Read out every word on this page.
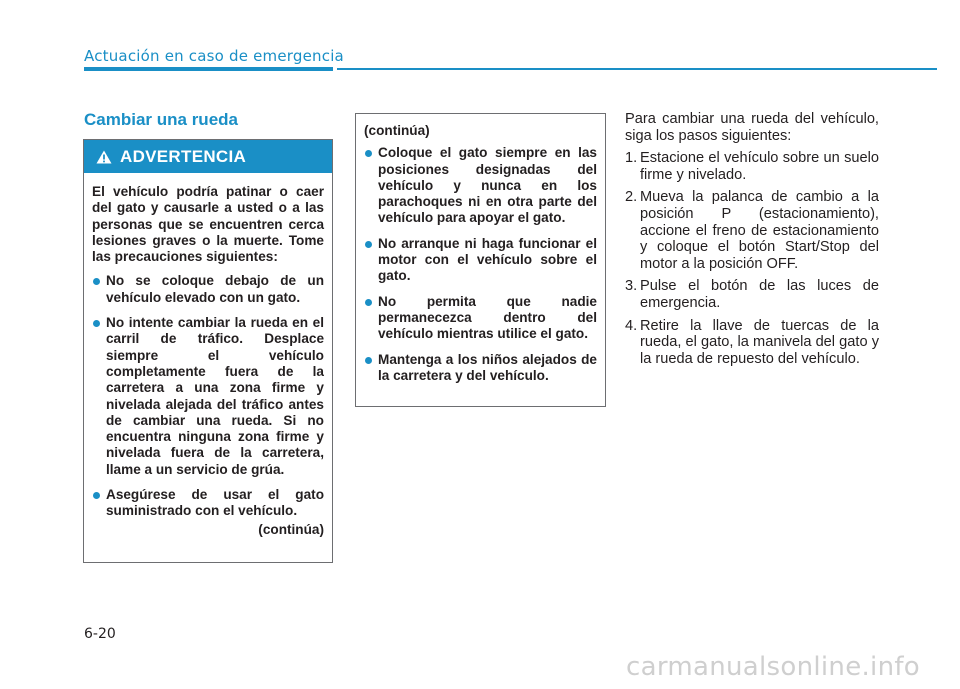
Actuación en caso de emergencia
Cambiar una rueda
ADVERTENCIA

El vehículo podría patinar o caer del gato y causarle a usted o a las personas que se encuentren cerca lesiones graves o la muerte. Tome las precauciones siguientes:

No se coloque debajo de un vehículo elevado con un gato.
No intente cambiar la rueda en el carril de tráfico. Desplace siempre el vehículo completamente fuera de la carretera a una zona firme y nivelada alejada del tráfico antes de cambiar una rueda. Si no encuentra ninguna zona firme y nivelada fuera de la carretera, llame a un servicio de grúa.
Asegúrese de usar el gato suministrado con el vehículo.
(continúa)
(continúa)
Coloque el gato siempre en las posiciones designadas del vehículo y nunca en los parachoques ni en otra parte del vehículo para apoyar el gato.
No arranque ni haga funcionar el motor con el vehículo sobre el gato.
No permita que nadie permanecezca dentro del vehículo mientras utilice el gato.
Mantenga a los niños alejados de la carretera y del vehículo.

Para cambiar una rueda del vehículo, siga los pasos siguientes:

1. Estacione el vehículo sobre un suelo firme y nivelado.
2. Mueva la palanca de cambio a la posición P (estacionamiento), accione el freno de estacionamiento y coloque el botón Start/Stop del motor a la posición OFF.
3. Pulse el botón de las luces de emergencia.
4. Retire la llave de tuercas de la rueda, el gato, la manivela del gato y la rueda de repuesto del vehículo.
6-20
carmanualsonline.info
